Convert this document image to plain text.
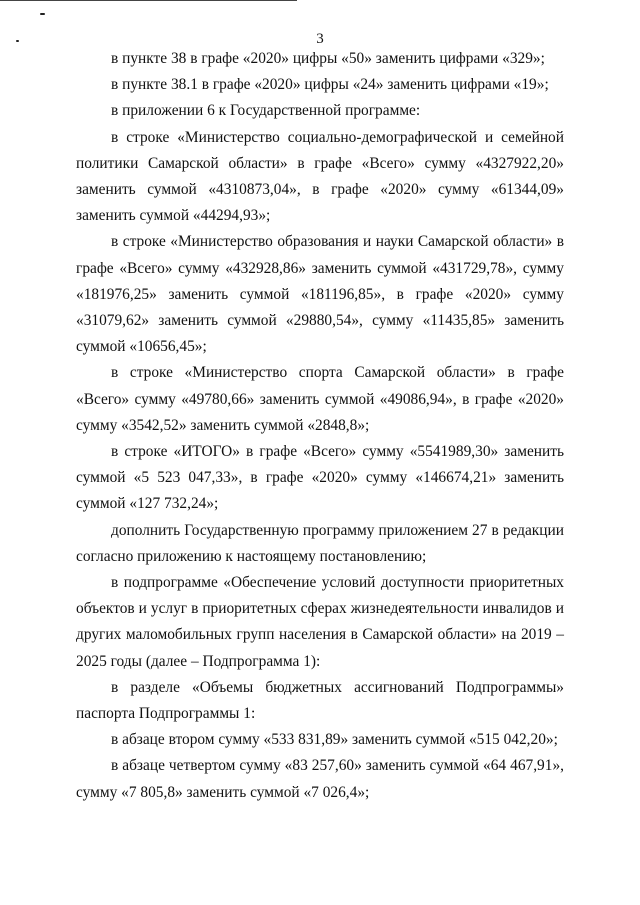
3

в пункте 38 в графе «2020» цифры «50» заменить цифрами «329»;

в пункте 38.1 в графе «2020» цифры «24» заменить цифрами «19»;

в приложении 6 к Государственной программе:

в строке «Министерство социально-демографической и семейной политики Самарской области» в графе «Всего» сумму «4327922,20» заменить суммой «4310873,04», в графе «2020» сумму «61344,09» заменить суммой «44294,93»;

в строке «Министерство образования и науки Самарской области» в графе «Всего» сумму «432928,86» заменить суммой «431729,78», сумму «181976,25» заменить суммой «181196,85», в графе «2020» сумму «31079,62» заменить суммой «29880,54», сумму «11435,85» заменить суммой «10656,45»;

в строке «Министерство спорта Самарской области» в графе «Всего» сумму «49780,66» заменить суммой «49086,94», в графе «2020» сумму «3542,52» заменить суммой «2848,8»;

в строке «ИТОГО» в графе «Всего» сумму «5541989,30» заменить суммой «5 523 047,33», в графе «2020» сумму «146674,21» заменить суммой «127 732,24»;

дополнить Государственную программу приложением 27 в редакции согласно приложению к настоящему постановлению;

в подпрограмме «Обеспечение условий доступности приоритетных объектов и услуг в приоритетных сферах жизнедеятельности инвалидов и других маломобильных групп населения в Самарской области» на 2019 – 2025 годы (далее – Подпрограмма 1):

в разделе «Объемы бюджетных ассигнований Подпрограммы» паспорта Подпрограммы 1:

в абзаце втором сумму «533 831,89» заменить суммой «515 042,20»;

в абзаце четвертом сумму «83 257,60» заменить суммой «64 467,91», сумму «7 805,8» заменить суммой «7 026,4»;
